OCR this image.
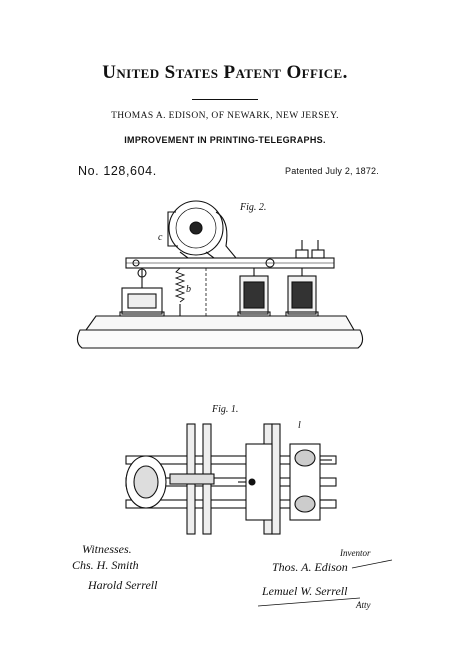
United States Patent Office.
THOMAS A. EDISON, OF NEWARK, NEW JERSEY.
IMPROVEMENT IN PRINTING-TELEGRAPHS.
No. 128,604.	Patented July 2, 1872.
Fig. 2.
c
b
Fig. 1.
l
Witnesses.
Chs. H. Smith
Harold Serrell
Inventor
Thos. A. Edison
Lemuel W. Serrell
Atty
